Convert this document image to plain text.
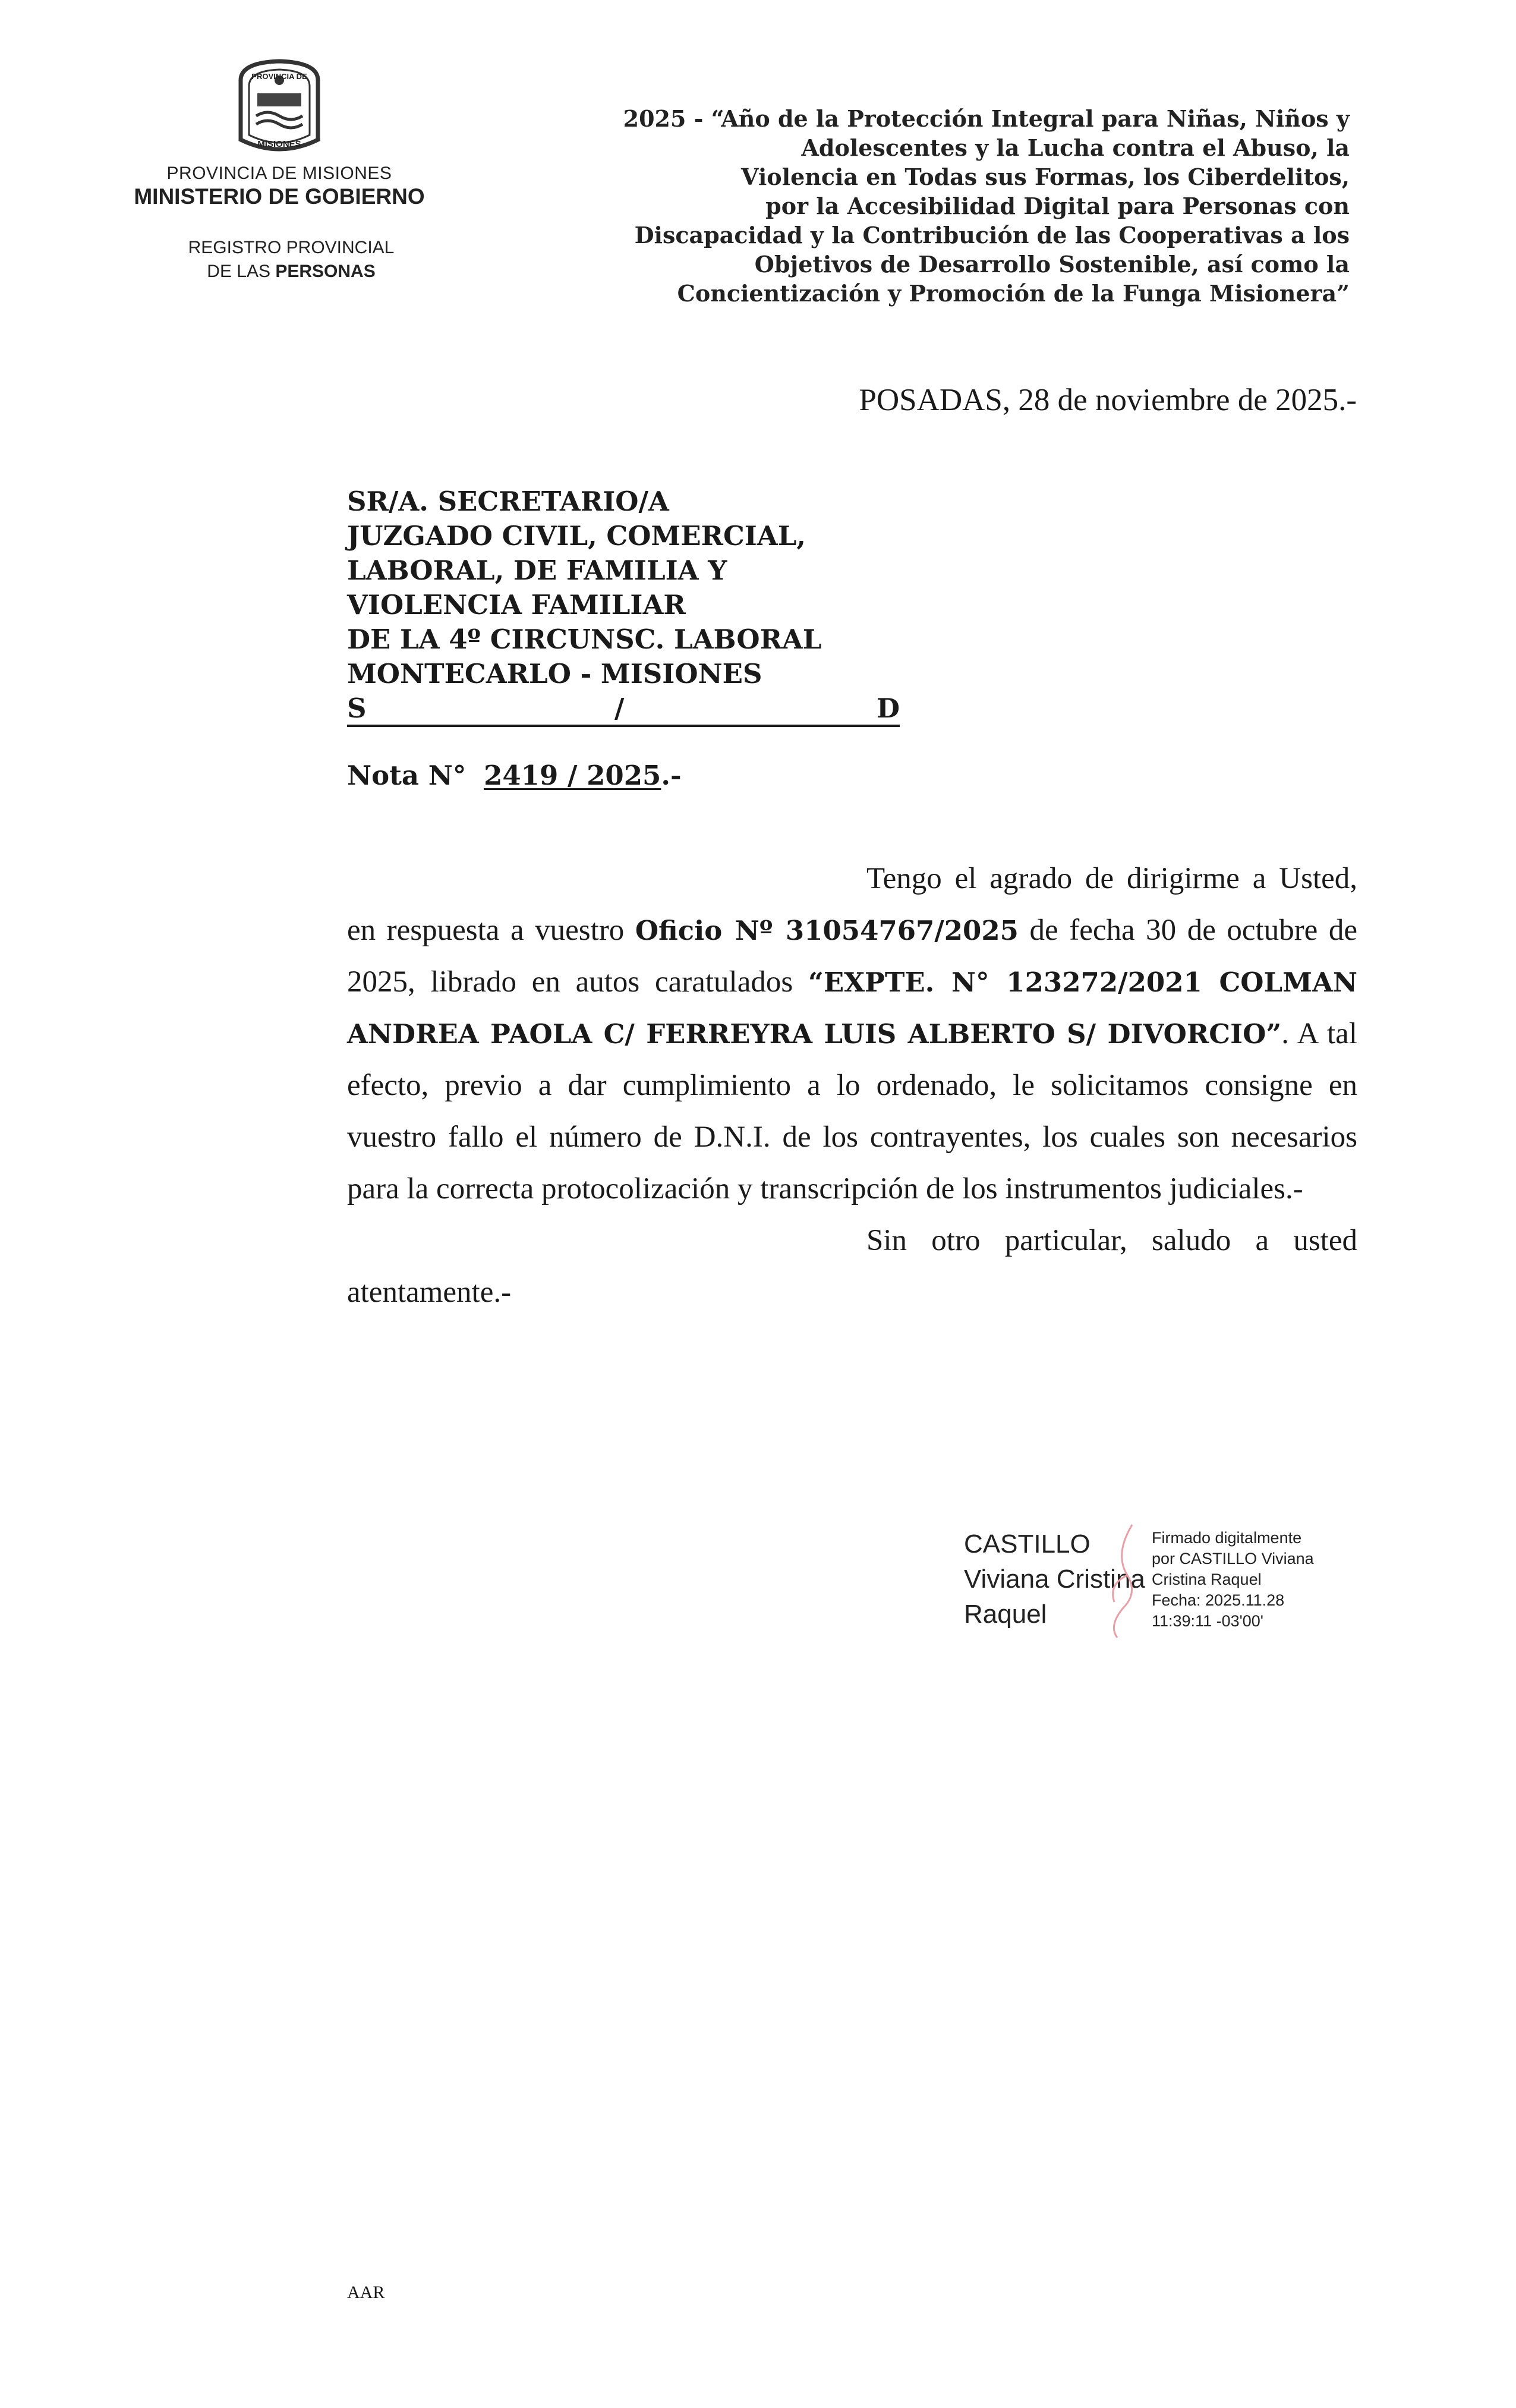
PROVINCIA DE
MISIONES
PROVINCIA DE MISIONES
MINISTERIO DE GOBIERNO
REGISTRO PROVINCIAL
DE LAS PERSONAS
2025 - “Año de la Protección Integral para Niñas, Niños y
Adolescentes y la Lucha contra el Abuso, la
Violencia en Todas sus Formas, los Ciberdelitos,
por la Accesibilidad Digital para Personas con
Discapacidad y la Contribución de las Cooperativas a los
Objetivos de Desarrollo Sostenible, así como la
Concientización y Promoción de la Funga Misionera”
POSADAS, 28 de noviembre de 2025.-
SR/A. SECRETARIO/A
JUZGADO CIVIL, COMERCIAL,
LABORAL, DE FAMILIA Y
VIOLENCIA FAMILIAR
DE LA 4º CIRCUNSC. LABORAL
MONTECARLO - MISIONES
S	/	D
Nota N° 2419 / 2025.-

Tengo el agrado de dirigirme a Usted, en respuesta a vuestro Oficio Nº 31054767/2025 de fecha 30 de octubre de 2025, librado en autos caratulados “EXPTE. N° 123272/2021 COLMAN ANDREA PAOLA C/ FERREYRA LUIS ALBERTO S/ DIVORCIO”. A tal efecto, previo a dar cumplimiento a lo ordenado, le solicitamos consigne en vuestro fallo el número de D.N.I. de los contrayentes, los cuales son necesarios para la correcta protocolización y transcripción de los instrumentos judiciales.-

Sin otro particular, saludo a usted atentamente.-

CASTILLO
Viviana Cristina
Raquel
Firmado digitalmente
por CASTILLO Viviana
Cristina Raquel
Fecha: 2025.11.28
11:39:11 -03'00'
AAR
